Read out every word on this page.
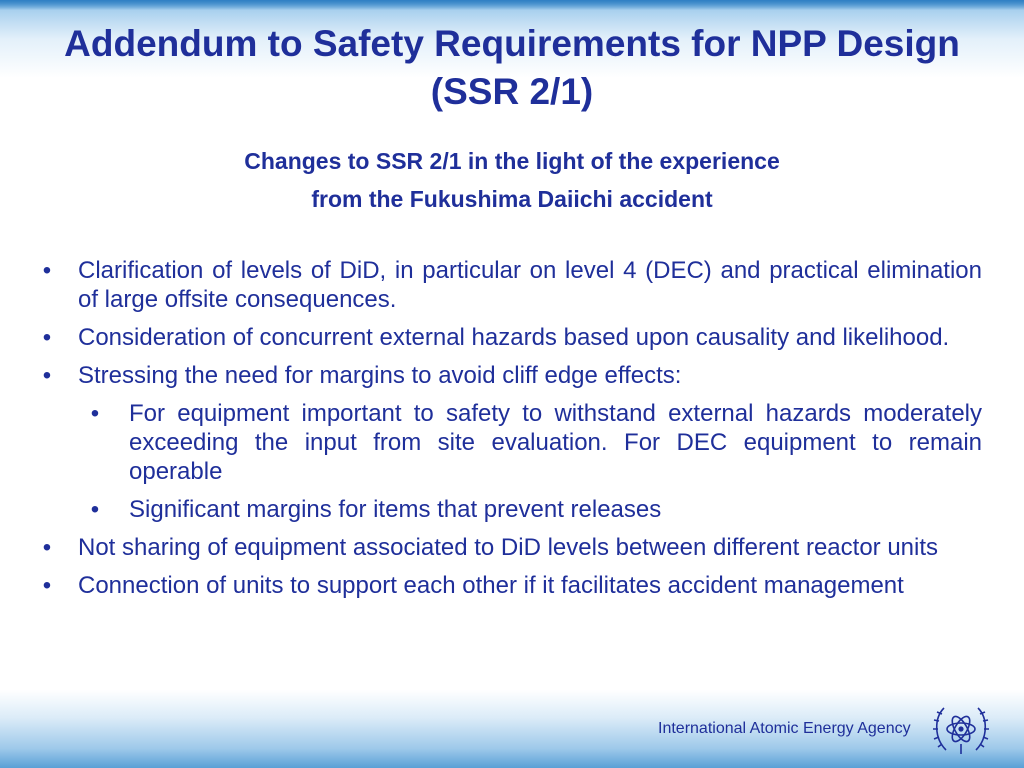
Addendum to Safety Requirements for NPP Design (SSR 2/1)
Changes to SSR 2/1 in the light of the experience
from the Fukushima Daiichi accident
• Clarification of levels of DiD, in particular on level 4 (DEC) and practical elimination of large offsite consequences.
• Consideration of concurrent external hazards based upon causality and likelihood.
• Stressing the need for margins to avoid cliff edge effects:
• For equipment important to safety to withstand external hazards moderately exceeding the input from site evaluation. For DEC equipment to remain operable
• Significant margins for items that prevent releases
• Not sharing of equipment associated to DiD levels between different reactor units
• Connection of units to support each other if it facilitates accident management
International Atomic Energy Agency
